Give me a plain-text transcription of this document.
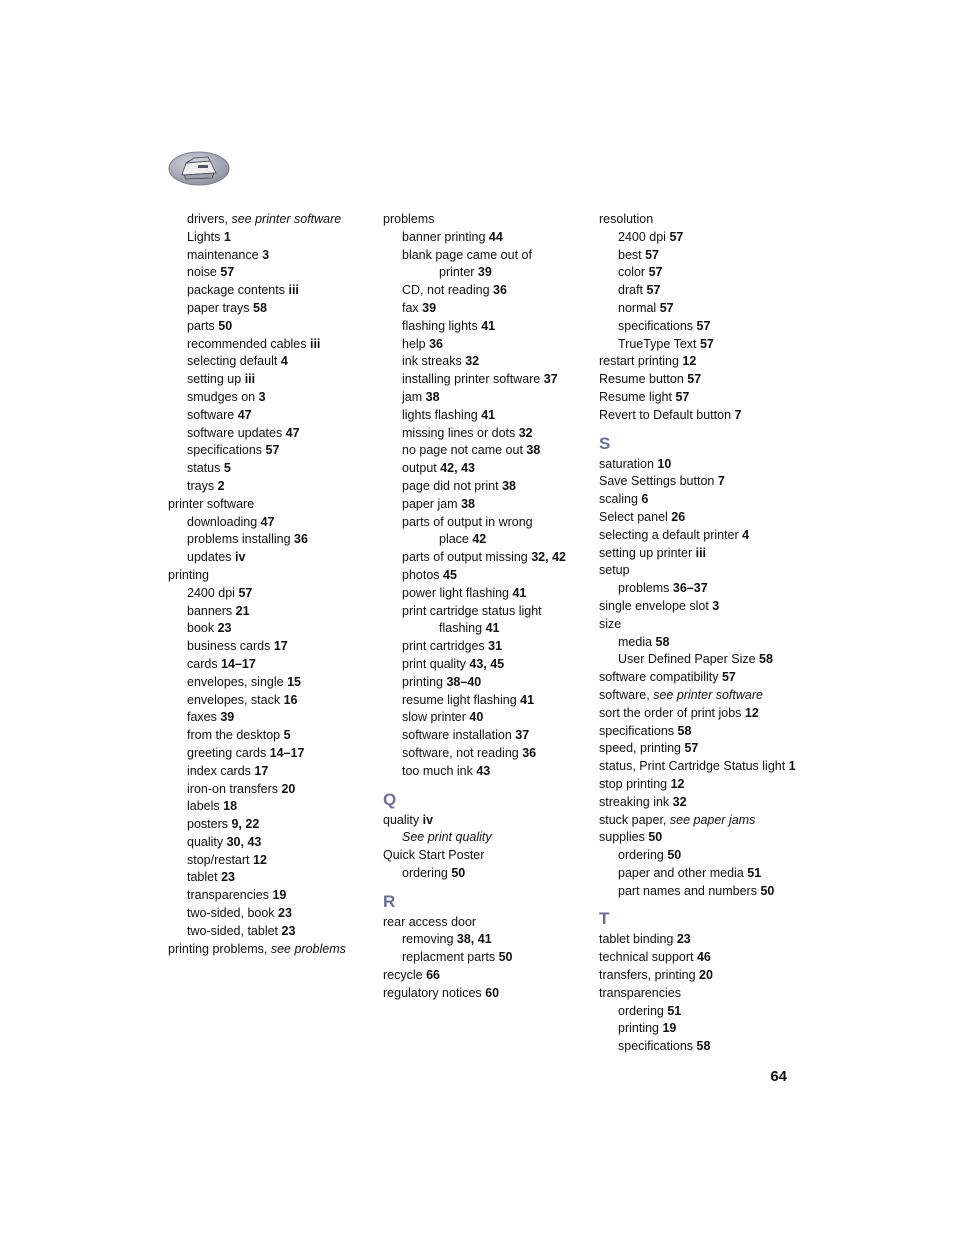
drivers, see printer software
Lights 1
maintenance 3
noise 57
package contents iii
paper trays 58
parts 50
recommended cables iii
selecting default 4
setting up iii
smudges on 3
software 47
software updates 47
specifications 57
status 5
trays 2
printer software
downloading 47
problems installing 36
updates iv
printing
2400 dpi 57
banners 21
book 23
business cards 17
cards 14–17
envelopes, single 15
envelopes, stack 16
faxes 39
from the desktop 5
greeting cards 14–17
index cards 17
iron-on transfers 20
labels 18
posters 9, 22
quality 30, 43
stop/restart 12
tablet 23
transparencies 19
two-sided, book 23
two-sided, tablet 23
printing problems, see problems
problems
banner printing 44
blank page came out of
printer 39
CD, not reading 36
fax 39
flashing lights 41
help 36
ink streaks 32
installing printer software 37
jam 38
lights flashing 41
missing lines or dots 32
no page not came out 38
output 42, 43
page did not print 38
paper jam 38
parts of output in wrong
place 42
parts of output missing 32, 42
photos 45
power light flashing 41
print cartridge status light
flashing 41
print cartridges 31
print quality 43, 45
printing 38–40
resume light flashing 41
slow printer 40
software installation 37
software, not reading 36
too much ink 43
Q
quality iv
See print quality
Quick Start Poster
ordering 50
R
rear access door
removing 38, 41
replacment parts 50
recycle 66
regulatory notices 60
resolution
2400 dpi 57
best 57
color 57
draft 57
normal 57
specifications 57
TrueType Text 57
restart printing 12
Resume button 57
Resume light 57
Revert to Default button 7
S
saturation 10
Save Settings button 7
scaling 6
Select panel 26
selecting a default printer 4
setting up printer iii
setup
problems 36–37
single envelope slot 3
size
media 58
User Defined Paper Size 58
software compatibility 57
software, see printer software
sort the order of print jobs 12
specifications 58
speed, printing 57
status, Print Cartridge Status light 1
stop printing 12
streaking ink 32
stuck paper, see paper jams
supplies 50
ordering 50
paper and other media 51
part names and numbers 50
T
tablet binding 23
technical support 46
transfers, printing 20
transparencies
ordering 51
printing 19
specifications 58
64
